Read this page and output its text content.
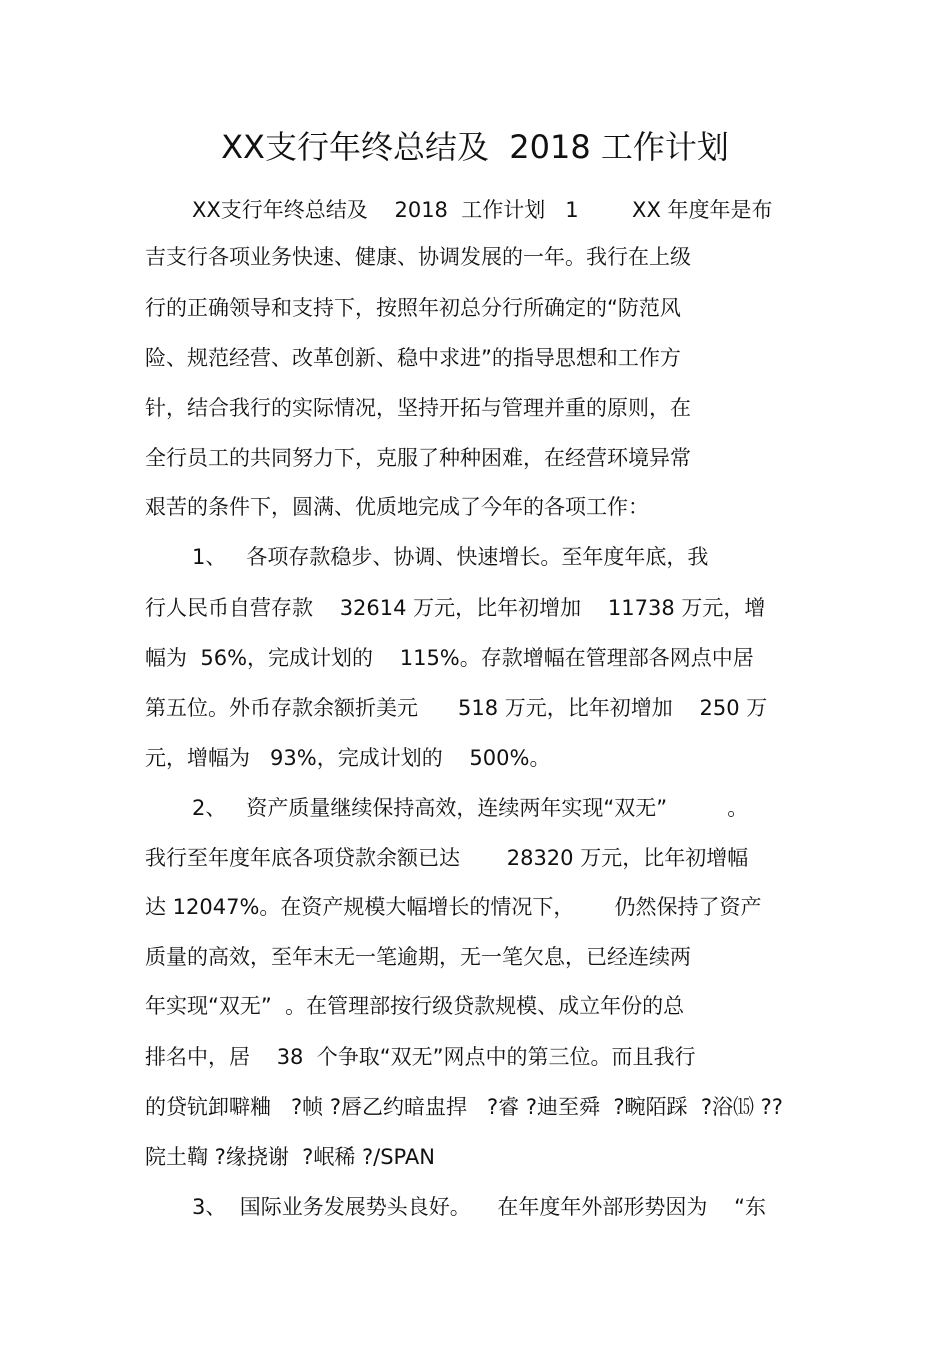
XX支行年终总结及  2018 工作计划
XX支行年终总结及    2018  工作计划   1        XX 年度年是布
吉支行各项业务快速、健康、协调发展的一年。我行在上级
行的正确领导和支持下，按照年初总分行所确定的“防范风
险、规范经营、改革创新、稳中求进”的指导思想和工作方
针，结合我行的实际情况，坚持开拓与管理并重的原则，在
全行员工的共同努力下，克服了种种困难，在经营环境异常
艰苦的条件下，圆满、优质地完成了今年的各项工作：
1、   各项存款稳步、协调、快速增长。至年度年底，我
行人民币自营存款    32614 万元，比年初增加    11738 万元，增
幅为  56%，完成计划的    115%。存款增幅在管理部各网点中居
第五位。外币存款余额折美元      518 万元，比年初增加    250 万
元，增幅为   93%，完成计划的    500%。
2、   资产质量继续保持高效，连续两年实现“双无”         。
我行至年度年底各项贷款余额已达       28320 万元，比年初增幅
达 12047%。在资产规模大幅增长的情况下，      仍然保持了资产
质量的高效，至年末无一笔逾期，无一笔欠息，已经连续两
年实现“双无”  。在管理部按行级贷款规模、成立年份的总
排名中，居    38  个争取“双无”网点中的第三位。而且我行
的贷钪卸噼粬   ?帧 ?唇乙约暗盅捍   ?睿 ?迪至舜  ?畹陌踩  ?浴⒂ ??
院土鞫 ?缘挠谢  ?岷稀 ?/SPAN
3、  国际业务发展势头良好。    在年度年外部形势因为    “东
